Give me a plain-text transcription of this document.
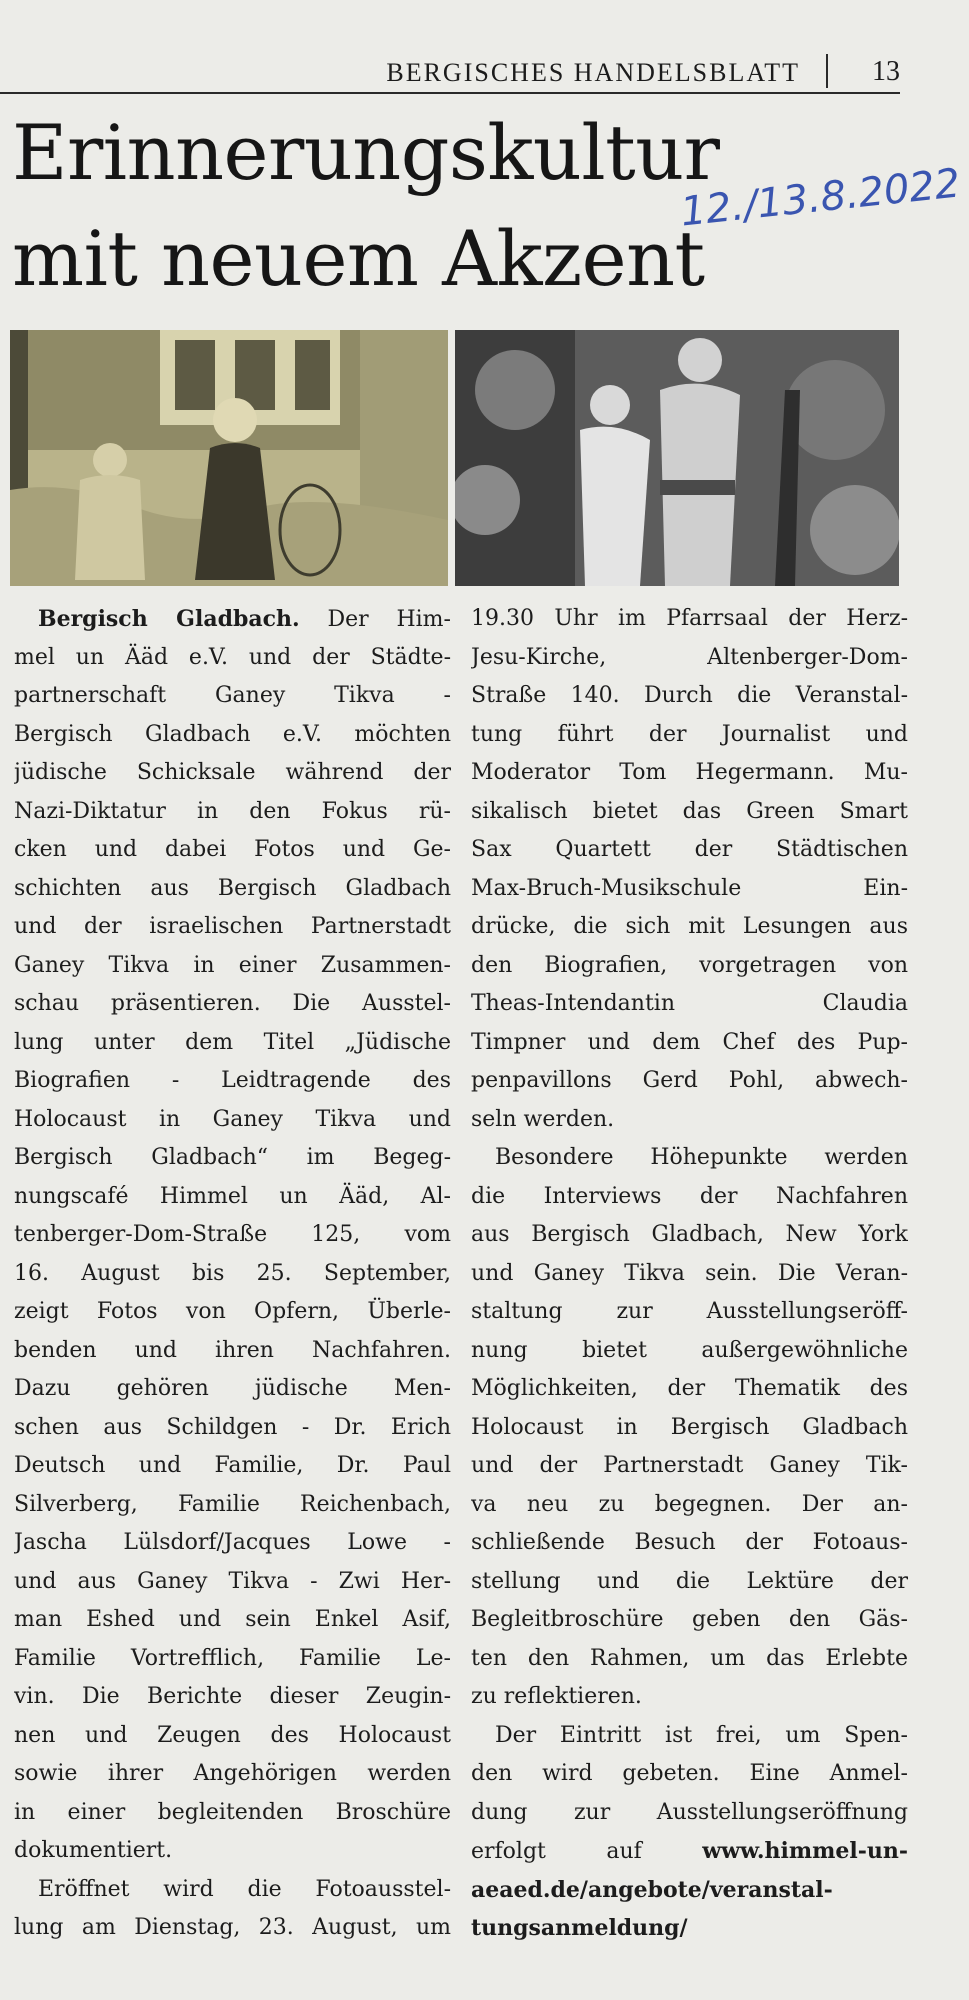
BERGISCHES HANDELSBLATT	13
Erinnerungskultur
mit neuem Akzent
12./13.8.2022
Bergisch Gladbach. Der Him-
mel un Ääd e.V. und der Städte-
partnerschaft Ganey Tikva -
Bergisch Gladbach e.V. möchten
jüdische Schicksale während der
Nazi-Diktatur in den Fokus rü-
cken und dabei Fotos und Ge-
schichten aus Bergisch Gladbach
und der israelischen Partnerstadt
Ganey Tikva in einer Zusammen-
schau präsentieren. Die Ausstel-
lung unter dem Titel „Jüdische
Biografien - Leidtragende des
Holocaust in Ganey Tikva und
Bergisch Gladbach“ im Begeg-
nungscafé Himmel un Ääd, Al-
tenberger-Dom-Straße 125, vom
16. August bis 25. September,
zeigt Fotos von Opfern, Überle-
benden und ihren Nachfahren.
Dazu gehören jüdische Men-
schen aus Schildgen - Dr. Erich
Deutsch und Familie, Dr. Paul
Silverberg, Familie Reichenbach,
Jascha Lülsdorf/Jacques Lowe -
und aus Ganey Tikva - Zwi Her-
man Eshed und sein Enkel Asif,
Familie Vortrefflich, Familie Le-
vin. Die Berichte dieser Zeugin-
nen und Zeugen des Holocaust
sowie ihrer Angehörigen werden
in einer begleitenden Broschüre
dokumentiert.
Eröffnet wird die Fotoausstel-
lung am Dienstag, 23. August, um
19.30 Uhr im Pfarrsaal der Herz-
Jesu-Kirche, Altenberger-Dom-
Straße 140. Durch die Veranstal-
tung führt der Journalist und
Moderator Tom Hegermann. Mu-
sikalisch bietet das Green Smart
Sax Quartett der Städtischen
Max-Bruch-Musikschule Ein-
drücke, die sich mit Lesungen aus
den Biografien, vorgetragen von
Theas-Intendantin Claudia
Timpner und dem Chef des Pup-
penpavillons Gerd Pohl, abwech-
seln werden.
Besondere Höhepunkte werden
die Interviews der Nachfahren
aus Bergisch Gladbach, New York
und Ganey Tikva sein. Die Veran-
staltung zur Ausstellungseröff-
nung bietet außergewöhnliche
Möglichkeiten, der Thematik des
Holocaust in Bergisch Gladbach
und der Partnerstadt Ganey Tik-
va neu zu begegnen. Der an-
schließende Besuch der Fotoaus-
stellung und die Lektüre der
Begleitbroschüre geben den Gäs-
ten den Rahmen, um das Erlebte
zu reflektieren.
Der Eintritt ist frei, um Spen-
den wird gebeten. Eine Anmel-
dung zur Ausstellungseröffnung
erfolgt auf www.himmel-un-
aeaed.de/angebote/veranstal-
tungsanmeldung/
